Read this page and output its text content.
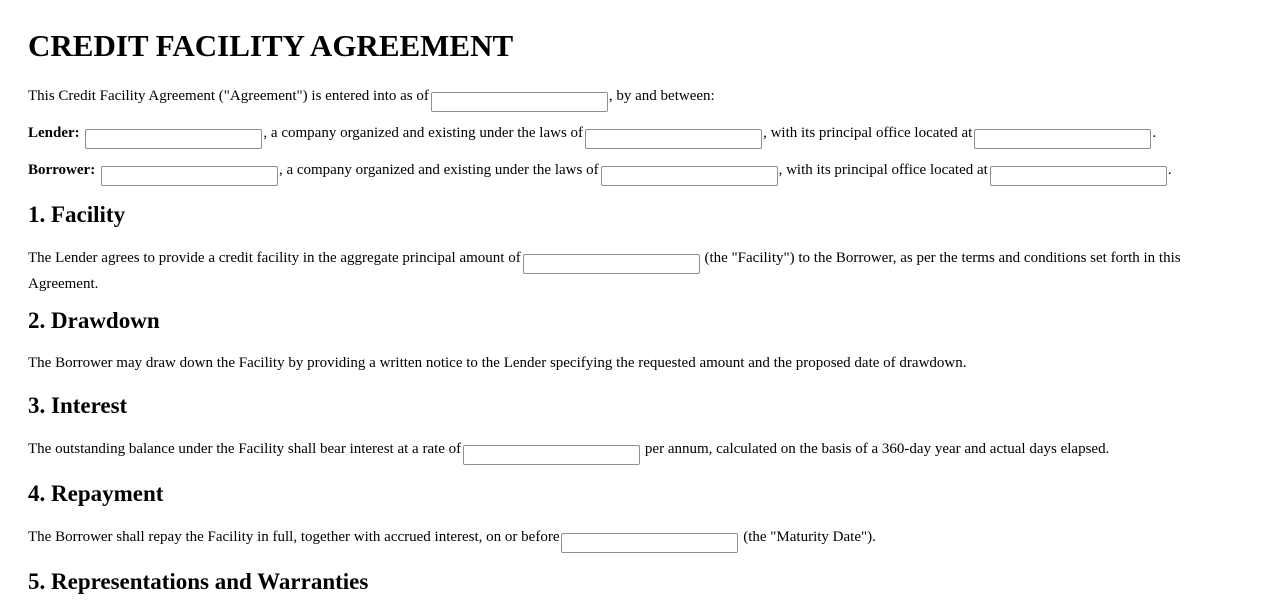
CREDIT FACILITY AGREEMENT

This Credit Facility Agreement ("Agreement") is entered into as of	, by and between:

Lender:	, a company organized and existing under the laws of	, with its principal office located at	.

Borrower:	, a company organized and existing under the laws of	, with its principal office located at	.

1. Facility

The Lender agrees to provide a credit facility in the aggregate principal amount of	(the "Facility") to the Borrower, as per the terms and conditions set forth in this Agreement.

2. Drawdown

The Borrower may draw down the Facility by providing a written notice to the Lender specifying the requested amount and the proposed date of drawdown.

3. Interest

The outstanding balance under the Facility shall bear interest at a rate of	per annum, calculated on the basis of a 360-day year and actual days elapsed.

4. Repayment

The Borrower shall repay the Facility in full, together with accrued interest, on or before	(the "Maturity Date").

5. Representations and Warranties
